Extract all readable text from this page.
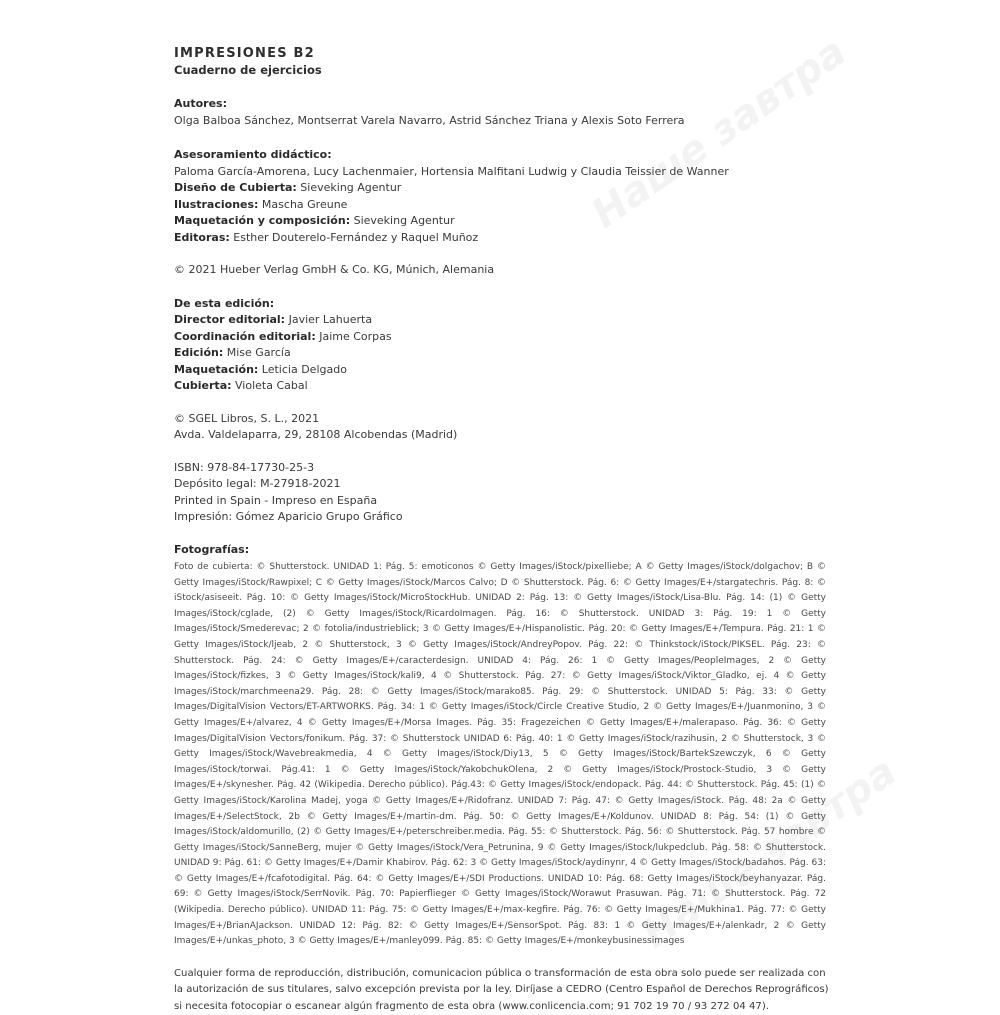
Наше завтра
Наше завтра
IMPRESIONES B2
Cuaderno de ejercicios
Autores:
Olga Balboa Sánchez, Montserrat Varela Navarro, Astrid Sánchez Triana y Alexis Soto Ferrera
Asesoramiento didáctico:
Paloma García-Amorena, Lucy Lachenmaier, Hortensia Malfitani Ludwig y Claudia Teissier de Wanner
Diseño de Cubierta: Sieveking Agentur
Ilustraciones: Mascha Greune
Maquetación y composición: Sieveking Agentur
Editoras: Esther Douterelo-Fernández y Raquel Muñoz
© 2021 Hueber Verlag GmbH & Co. KG, Múnich, Alemania
De esta edición:
Director editorial: Javier Lahuerta
Coordinación editorial: Jaime Corpas
Edición: Mise García
Maquetación: Leticia Delgado
Cubierta: Violeta Cabal
© SGEL Libros, S. L., 2021
Avda. Valdelaparra, 29, 28108 Alcobendas (Madrid)
ISBN: 978-84-17730-25-3
Depósito legal: M-27918-2021
Printed in Spain - Impreso en España
Impresión: Gómez Aparicio Grupo Gráfico
Fotografías:
Foto de cubierta: © Shutterstock. UNIDAD 1: Pág. 5: emoticonos © Getty Images/iStock/pixelliebe; A © Getty Images/iStock/dolgachov; B © Getty Images/iStock/Rawpixel; C © Getty Images/iStock/Marcos Calvo; D © Shutterstock. Pág. 6: © Getty Images/E+/stargatechris. Pág. 8: © iStock/asiseeit. Pág. 10: © Getty Images/iStock/MicroStockHub. UNIDAD 2: Pág. 13: © Getty Images/iStock/Lisa-Blu. Pág. 14: (1) © Getty Images/iStock/cglade, (2) © Getty Images/iStock/RicardoImagen. Pág. 16: © Shutterstock. UNIDAD 3: Pág. 19: 1 © Getty Images/iStock/Smederevac; 2 © fotolia/industrieblick; 3 © Getty Images/E+/Hispanolistic. Pág. 20: © Getty Images/E+/Tempura. Pág. 21: 1 © Getty Images/iStock/ljeab, 2 © Shutterstock, 3 © Getty Images/iStock/AndreyPopov. Pág. 22: © Thinkstock/iStock/PIKSEL. Pág. 23: © Shutterstock. Pág. 24: © Getty Images/E+/caracterdesign. UNIDAD 4: Pág. 26: 1 © Getty Images/PeopleImages, 2 © Getty Images/iStock/fizkes, 3 © Getty Images/iStock/kali9, 4 © Shutterstock. Pág. 27: © Getty Images/iStock/Viktor_Gladko, ej. 4 © Getty Images/iStock/marchmeena29. Pág. 28: © Getty Images/iStock/marako85. Pág. 29: © Shutterstock. UNIDAD 5: Pág. 33: © Getty Images/DigitalVision Vectors/ET-ARTWORKS. Pág. 34: 1 © Getty Images/iStock/Circle Creative Studio, 2 © Getty Images/E+/Juanmonino, 3 © Getty Images/E+/alvarez, 4 © Getty Images/E+/Morsa Images. Pág. 35: Fragezeichen © Getty Images/E+/malerapaso. Pág. 36: © Getty Images/DigitalVision Vectors/fonikum. Pág. 37: © Shutterstock UNIDAD 6: Pág. 40: 1 © Getty Images/iStock/razihusin, 2 © Shutterstock, 3 © Getty Images/iStock/Wavebreakmedia, 4 © Getty Images/iStock/Diy13, 5 © Getty Images/iStock/BartekSzewczyk, 6 © Getty Images/iStock/torwai. Pág.41: 1 © Getty Images/iStock/YakobchukOlena, 2 © Getty Images/iStock/Prostock-Studio, 3 © Getty Images/E+/skynesher. Pág. 42 (Wikipedia. Derecho público). Pág.43: © Getty Images/iStock/endopack. Pág. 44: © Shutterstock. Pág. 45: (1) © Getty Images/iStock/Karolina Madej, yoga © Getty Images/E+/Ridofranz. UNIDAD 7: Pág. 47: © Getty Images/iStock. Pág. 48: 2a © Getty Images/E+/SelectStock, 2b © Getty Images/E+/martin-dm. Pág. 50: © Getty Images/E+/Koldunov. UNIDAD 8: Pág. 54: (1) © Getty Images/iStock/aldomurillo, (2) © Getty Images/E+/peterschreiber.media. Pág. 55: © Shutterstock. Pág. 56: © Shutterstock. Pág. 57 hombre © Getty Images/iStock/SanneBerg, mujer © Getty Images/iStock/Vera_Petrunina, 9 © Getty Images/iStock/lukpedclub. Pág. 58: © Shutterstock. UNIDAD 9: Pág. 61: © Getty Images/E+/Damir Khabirov. Pág. 62: 3 © Getty Images/iStock/aydinynr, 4 © Getty Images/iStock/badahos. Pág. 63: © Getty Images/E+/fcafotodigital. Pág. 64: © Getty Images/E+/SDI Productions. UNIDAD 10: Pág. 68: Getty Images/iStock/beyhanyazar. Pág. 69: © Getty Images/iStock/SerrNovik. Pág. 70: Papierflieger © Getty Images/iStock/Worawut Prasuwan. Pág. 71: © Shutterstock. Pág. 72 (Wikipedia. Derecho público). UNIDAD 11: Pág. 75: © Getty Images/E+/max-kegfire. Pág. 76: © Getty Images/E+/Mukhina1. Pág. 77: © Getty Images/E+/BrianAJackson. UNIDAD 12: Pág. 82: © Getty Images/E+/SensorSpot. Pág. 83: 1 © Getty Images/E+/alenkadr, 2 © Getty Images/E+/unkas_photo, 3 © Getty Images/E+/manley099. Pág. 85: © Getty Images/E+/monkeybusinessimages
Cualquier forma de reproducción, distribución, comunicacion pública o transformación de esta obra solo puede ser realizada con la autorización de sus titulares, salvo excepción prevista por la ley. Diríjase a CEDRO (Centro Español de Derechos Reprográficos) si necesita fotocopiar o escanear algún fragmento de esta obra (www.conlicencia.com; 91 702 19 70 / 93 272 04 47).
